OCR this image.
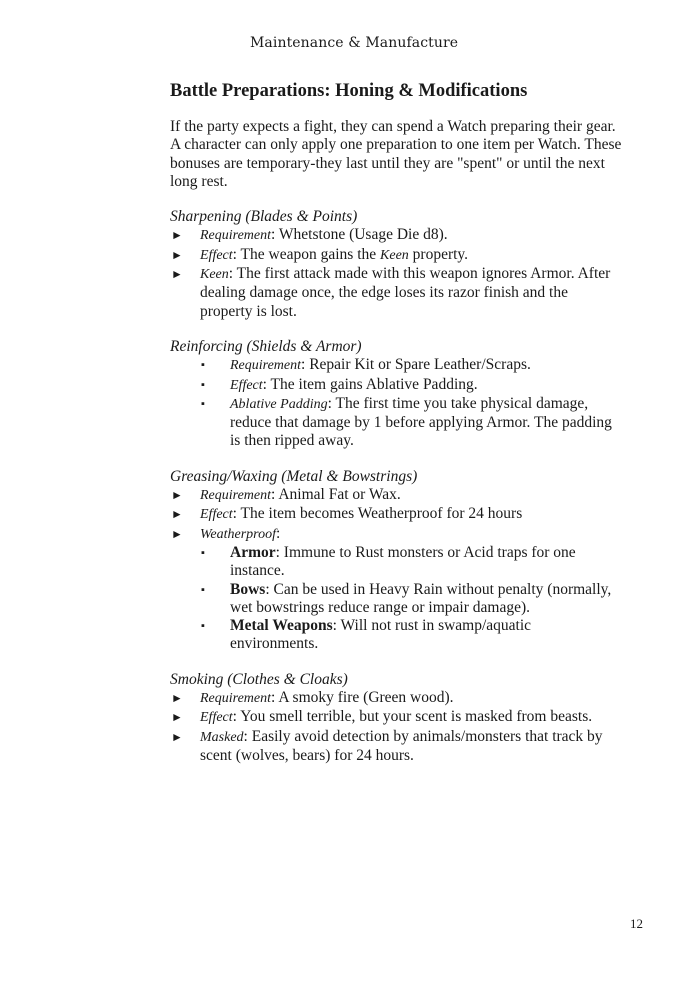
Maintenance & Manufacture
Battle Preparations: Honing & Modifications

If the party expects a fight, they can spend a Watch preparing their gear. A character can only apply one preparation to one item per Watch. These bonuses are temporary-they last until they are "spent" or until the next long rest.

Sharpening (Blades & Points)

► Requirement: Whetstone (Usage Die d8).
► Effect: The weapon gains the Keen property.
► Keen: The first attack made with this weapon ignores Armor. After dealing damage once, the edge loses its razor finish and the property is lost.

Reinforcing (Shields & Armor)

▪ Requirement: Repair Kit or Spare Leather/Scraps.
▪ Effect: The item gains Ablative Padding.
▪ Ablative Padding: The first time you take physical damage, reduce that damage by 1 before applying Armor. The padding is then ripped away.

Greasing/Waxing (Metal & Bowstrings)

► Requirement: Animal Fat or Wax.
► Effect: The item becomes Weatherproof for 24 hours
► Weatherproof:
▪ Armor: Immune to Rust monsters or Acid traps for one instance.
▪ Bows: Can be used in Heavy Rain without penalty (normally, wet bowstrings reduce range or impair damage).
▪ Metal Weapons: Will not rust in swamp/aquatic environments.

Smoking (Clothes & Cloaks)

► Requirement: A smoky fire (Green wood).
► Effect: You smell terrible, but your scent is masked from beasts.
► Masked: Easily avoid detection by animals/monsters that track by scent (wolves, bears) for 24 hours.
12
